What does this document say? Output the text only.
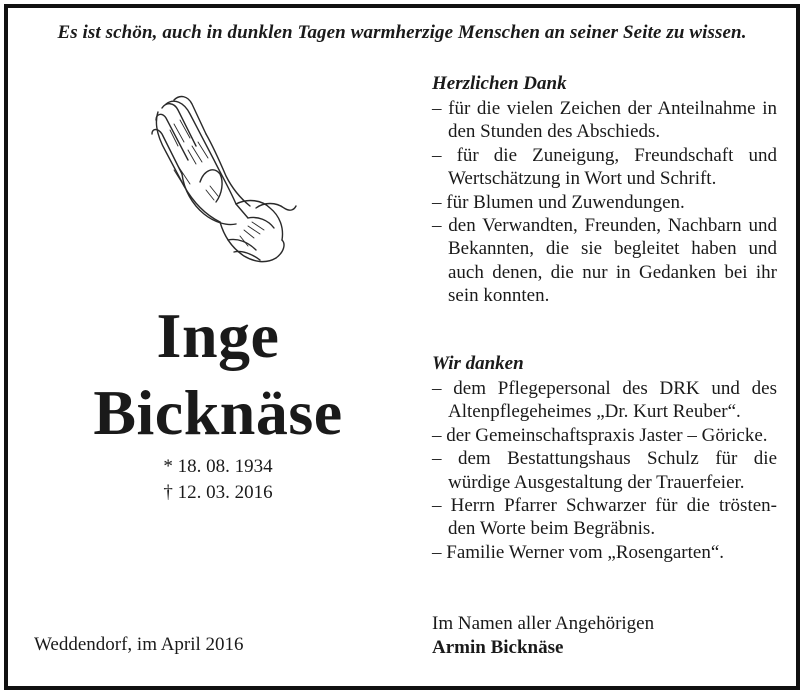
Es ist schön, auch in dunklen Tagen warmherzige Menschen an seiner Seite zu wissen.
Inge
Bicknäse
* 18. 08. 1934
† 12. 03. 2016
Weddendorf, im April 2016
Herzlichen Dank
– für die vielen Zeichen der Anteilnahme in den Stunden des Abschieds.
– für die Zuneigung, Freundschaft und Wertschätzung in Wort und Schrift.
– für Blumen und Zuwendungen.
– den Verwandten, Freunden, Nachbarn und Bekannten, die sie begleitet haben und auch denen, die nur in Gedanken bei ihr sein konnten.
Wir danken
– dem Pflegepersonal des DRK und des Altenpflegeheimes „Dr. Kurt Reuber“.
– der Gemeinschaftspraxis Jaster – Göricke.
– dem Bestattungshaus Schulz für die würdige Ausgestaltung der Trauerfeier.
– Herrn Pfarrer Schwarzer für die trösten-den Worte beim Begräbnis.
– Familie Werner vom „Rosengarten“.
Im Namen aller Angehörigen
Armin Bicknäse
